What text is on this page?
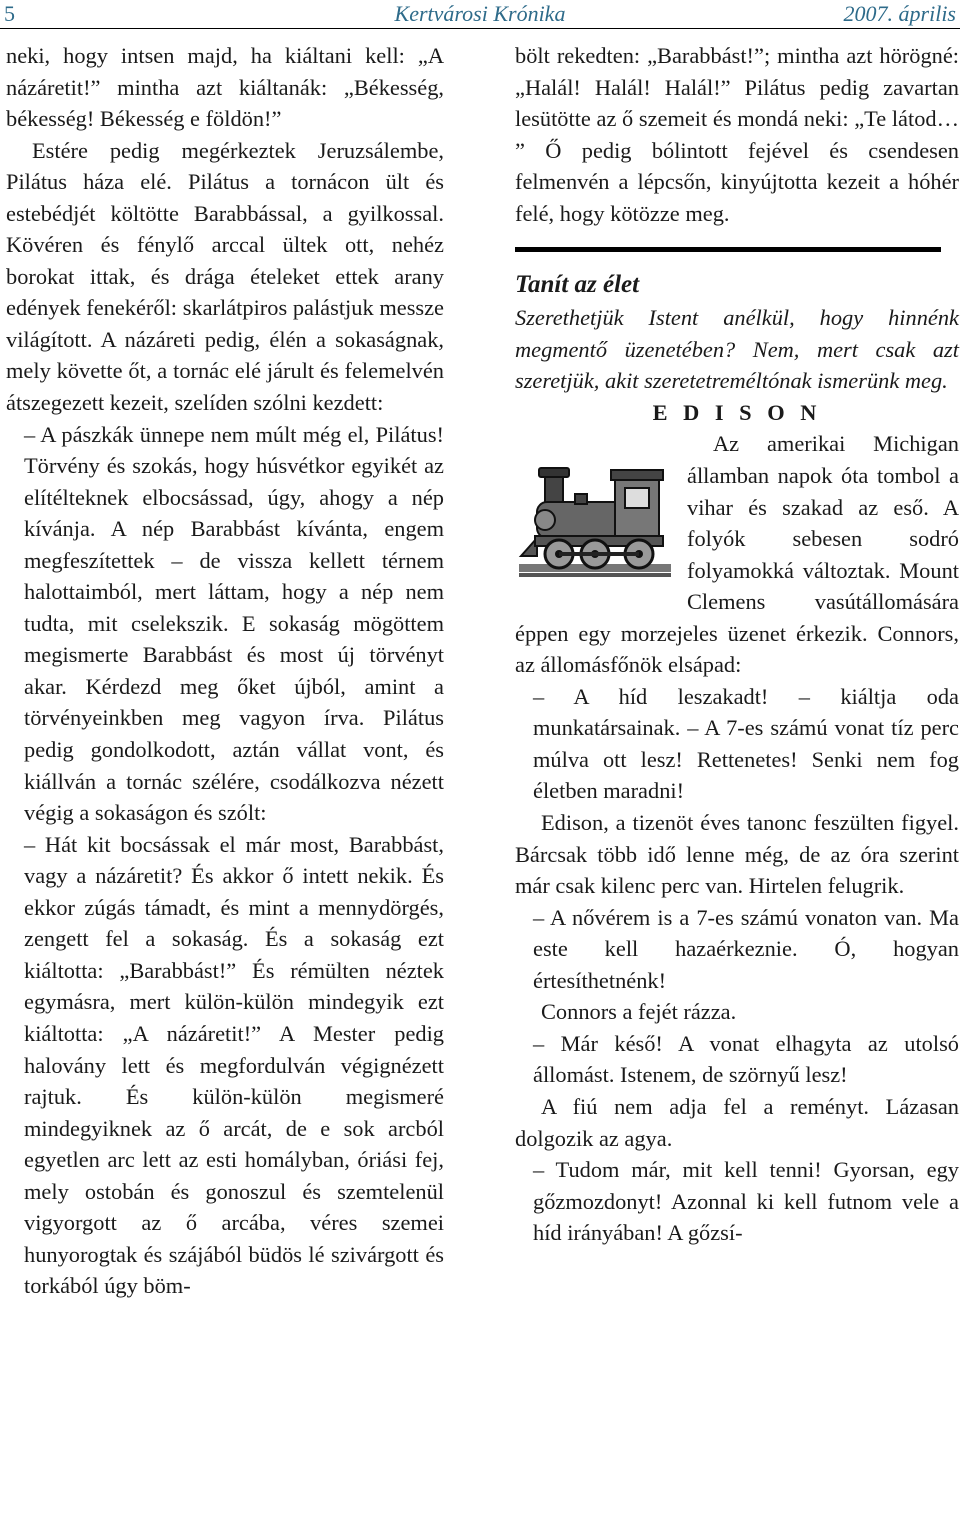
5	Kertvárosi Krónika	2007. április

neki, hogy intsen majd, ha kiáltani kell: „A názáretit!” mintha azt kiáltanák: „Békesség, békesség! Békesség e földön!”

Estére pedig megérkeztek Jeruzsálembe, Pilátus háza elé. Pilátus a tornácon ült és estebédjét költötte Barabbással, a gyilkossal. Kövéren és fénylő arccal ültek ott, nehéz borokat ittak, és drága ételeket ettek arany edények fenekéről: skarlátpiros palástjuk messze világított. A názáreti pedig, élén a sokaságnak, mely követte őt, a tornác elé járult és felemelvén átszegezett kezeit, szelíden szólni kezdett:

– A pászkák ünnepe nem múlt még el, Pilátus! Törvény és szokás, hogy húsvétkor egyikét az elítélteknek elbocsássad, úgy, ahogy a nép kívánja. A nép Barabbást kívánta, engem megfeszítettek – de vissza kellett térnem halottaimból, mert láttam, hogy a nép nem tudta, mit cselekszik. E sokaság mögöttem megismerte Barabbást és most új törvényt akar. Kérdezd meg őket újból, amint a törvényeinkben meg vagyon írva. Pilátus pedig gondolkodott, aztán vállat vont, és kiállván a tornác szélére, csodálkozva nézett végig a sokaságon és szólt:

– Hát kit bocsássak el már most, Barabbást, vagy a názáretit? És akkor ő intett nekik. És ekkor zúgás támadt, és mint a mennydörgés, zengett fel a sokaság. És a sokaság ezt kiáltotta: „Barabbást!” És rémülten néztek egymásra, mert külön-külön mindegyik ezt kiáltotta: „A názáretit!” A Mester pedig halovány lett és megfordulván végignézett rajtuk. És külön-külön megismeré mindegyiknek az ő arcát, de e sok arcból egyetlen arc lett az esti homályban, óriási fej, mely ostobán és gonoszul és szemtelenül vigyorgott az ő arcába, véres szemei hunyorogtak és szájából büdös lé szivárgott és torkából úgy böm-

bölt rekedten: „Barabbást!”; mintha azt hörögné: „Halál! Halál! Halál!” Pilátus pedig zavartan lesütötte az ő szemeit és mondá neki: „Te látod… ” Ő pedig bólintott fejével és csendesen felmenvén a lépcsőn, kinyújtotta kezeit a hóhér felé, hogy kötözze meg.

Tanít az élet

Szerethetjük Istent anélkül, hogy hinnénk megmentő üzenetében? Nem, mert csak azt szeretjük, akit szeretetreméltónak ismerünk meg.

E D I S O N

Az amerikai Michigan államban napok óta tombol a vihar és szakad az eső. A folyók sebesen sodró folyamokká változtak. Mount Clemens vasútállomására éppen egy morzejeles üzenet érkezik. Connors, az állomásfőnök elsápad:

– A híd leszakadt! – kiáltja oda munkatársainak. – A 7-es számú vonat tíz perc múlva ott lesz! Rettenetes! Senki nem fog életben maradni!

Edison, a tizenöt éves tanonc feszülten figyel. Bárcsak több idő lenne még, de az óra szerint már csak kilenc perc van. Hirtelen felugrik.

– A nővérem is a 7-es számú vonaton van. Ma este kell hazaérkeznie. Ó, hogyan értesíthetnénk!

Connors a fejét rázza.

– Már késő! A vonat elhagyta az utolsó állomást. Istenem, de szörnyű lesz!

A fiú nem adja fel a reményt. Lázasan dolgozik az agya.

– Tudom már, mit kell tenni! Gyorsan, egy gőzmozdonyt! Azonnal ki kell futnom vele a híd irányában! A gőzsí-
